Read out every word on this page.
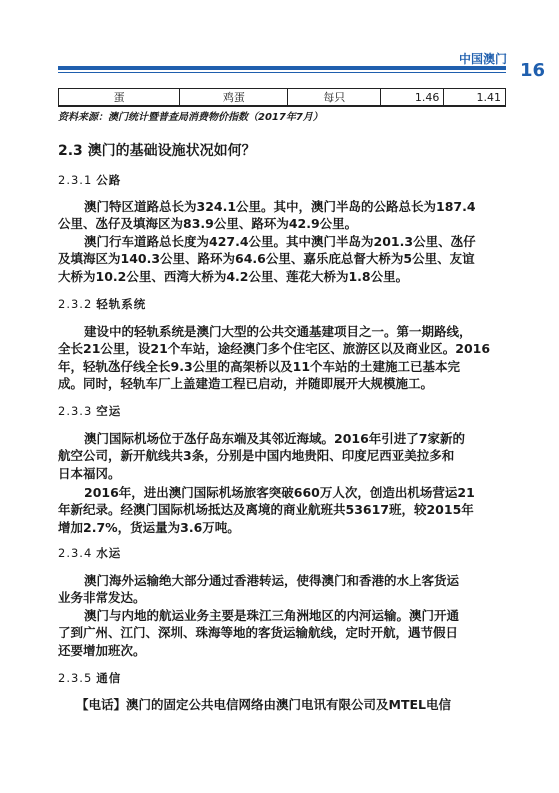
中国澳门
16
蛋	鸡蛋	每只	1.46	1.41
资料来源：澳门统计暨普查局消费物价指数（2017年7月）
2.3 澳门的基础设施状况如何？
2.3.1 公路

澳门特区道路总长为324.1公里。其中，澳门半岛的公路总长为187.4
公里、氹仔及填海区为83.9公里、路环为42.9公里。

澳门行车道路总长度为427.4公里。其中澳门半岛为201.3公里、氹仔
及填海区为140.3公里、路环为64.6公里、嘉乐庇总督大桥为5公里、友谊
大桥为10.2公里、西湾大桥为4.2公里、莲花大桥为1.8公里。

2.3.2 轻轨系统

建设中的轻轨系统是澳门大型的公共交通基建项目之一。第一期路线，
全长21公里，设21个车站，途经澳门多个住宅区、旅游区以及商业区。2016
年，轻轨氹仔线全长9.3公里的高架桥以及11个车站的土建施工已基本完
成。同时，轻轨车厂上盖建造工程已启动，并随即展开大规模施工。

2.3.3 空运

澳门国际机场位于氹仔岛东端及其邻近海域。2016年引进了7家新的
航空公司，新开航线共3条，分别是中国内地贵阳、印度尼西亚美拉多和
日本福冈。

2016年，进出澳门国际机场旅客突破660万人次，创造出机场营运21
年新纪录。经澳门国际机场抵达及离境的商业航班共53617班，较2015年
增加2.7%，货运量为3.6万吨。

2.3.4 水运

澳门海外运输绝大部分通过香港转运，使得澳门和香港的水上客货运
业务非常发达。

澳门与内地的航运业务主要是珠江三角洲地区的内河运输。澳门开通
了到广州、江门、深圳、珠海等地的客货运输航线，定时开航，遇节假日
还要增加班次。

2.3.5 通信

【电话】澳门的固定公共电信网络由澳门电讯有限公司及MTEL电信
